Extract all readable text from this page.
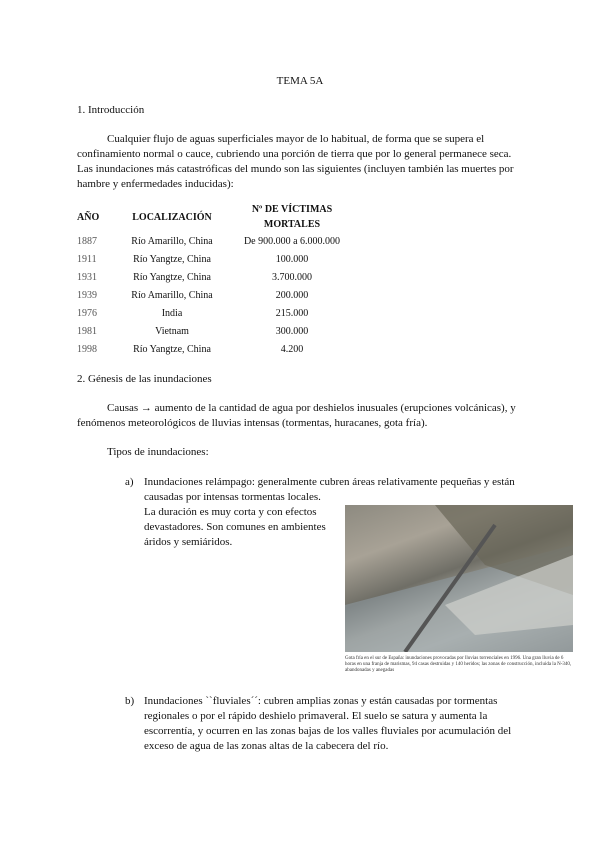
TEMA 5A
1. Introducción

Cualquier flujo de aguas superficiales mayor de lo habitual, de forma que se supera el confinamiento normal o cauce, cubriendo una porción de tierra que por lo general permanece seca.

Las inundaciones más catastróficas del mundo son las siguientes (incluyen también las muertes por hambre y enfermedades inducidas):

AÑO	LOCALIZACIÓN	Nº DE VÍCTIMAS MORTALES
1887	Río Amarillo, China	De 900.000 a 6.000.000
1911	Río Yangtze, China	100.000
1931	Río Yangtze, China	3.700.000
1939	Río Amarillo, China	200.000
1976	India	215.000
1981	Vietnam	300.000
1998	Río Yangtze, China	4.200
2. Génesis de las inundaciones

Causas → aumento de la cantidad de agua por deshielos inusuales (erupciones volcánicas), y fenómenos meteorológicos de lluvias intensas (tormentas, huracanes, gota fría).

Tipos de inundaciones:
a) Inundaciones relámpago: generalmente cubren áreas relativamente pequeñas y están causadas por intensas tormentas locales.

La duración es muy corta y con efectos devastadores. Son comunes en ambientes áridos y semiáridos.

Gota fría en el sur de España: inundaciones provocadas por lluvias torrenciales en 1996. Una gran lluvia de 6 horas en una franja de marismas, 94 casas destruidas y 140 heridos; las zonas de construcción, incluida la N-340, abandonadas y anegadas
b) Inundaciones ``fluviales´´: cubren amplias zonas y están causadas por tormentas regionales o por el rápido deshielo primaveral. El suelo se satura y aumenta la escorrentía, y ocurren en las zonas bajas de los valles fluviales por acumulación del exceso de agua de las zonas altas de la cabecera del río.
